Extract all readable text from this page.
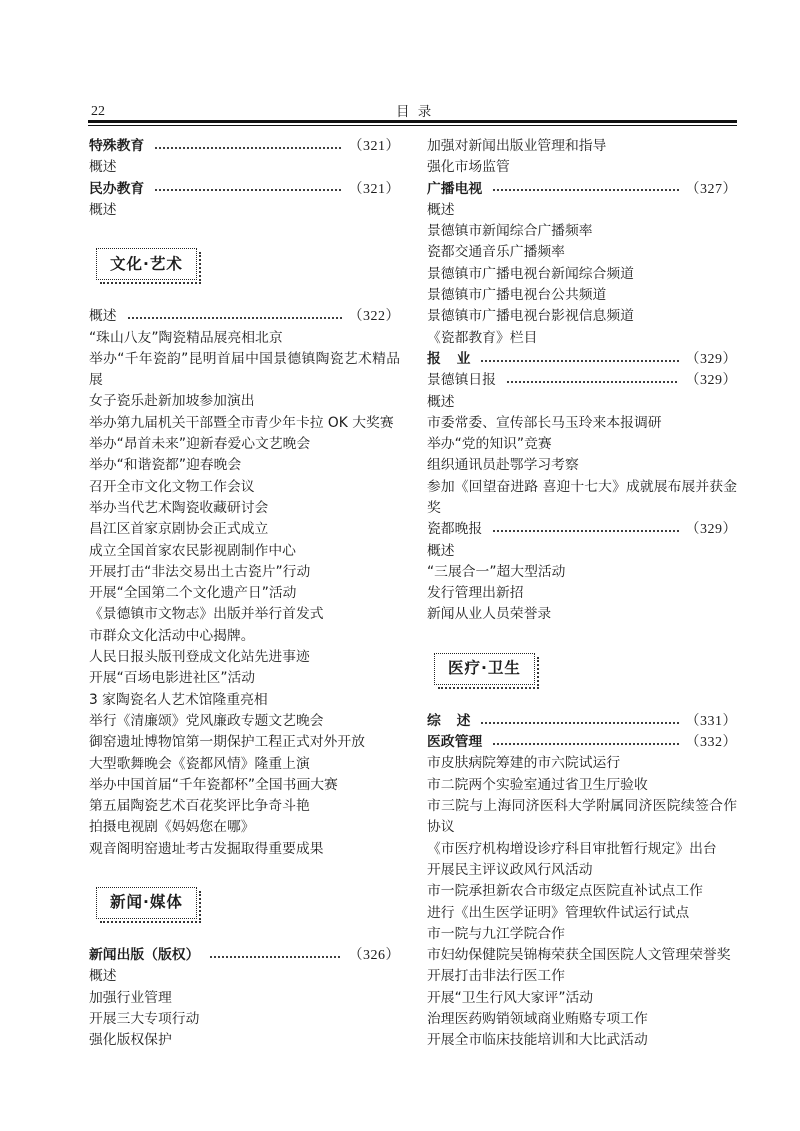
22	目 录
特殊教育	（321）
概述
民办教育	（321）
概述
文化·艺术
概述	（322）
“珠山八友”陶瓷精品展亮相北京
举办“千年瓷韵”昆明首届中国景德镇陶瓷艺术精品展
女子瓷乐赴新加坡参加演出
举办第九届机关干部暨全市青少年卡拉 OK 大奖赛
举办“昂首未来”迎新春爱心文艺晚会
举办“和谐瓷都”迎春晚会
召开全市文化文物工作会议
举办当代艺术陶瓷收藏研讨会
昌江区首家京剧协会正式成立
成立全国首家农民影视剧制作中心
开展打击“非法交易出土古瓷片”行动
开展“全国第二个文化遗产日”活动
《景德镇市文物志》出版并举行首发式
市群众文化活动中心揭牌。
人民日报头版刊登成文化站先进事迹
开展“百场电影进社区”活动
3 家陶瓷名人艺术馆隆重亮相
举行《清廉颂》党风廉政专题文艺晚会
御窑遗址博物馆第一期保护工程正式对外开放
大型歌舞晚会《瓷都风情》隆重上演
举办中国首届“千年瓷都杯”全国书画大赛
第五届陶瓷艺术百花奖评比争奇斗艳
拍摄电视剧《妈妈您在哪》
观音阁明窑遗址考古发掘取得重要成果
新闻·媒体
新闻出版（版权）	（326）
概述
加强行业管理
开展三大专项行动
强化版权保护
加强对新闻出版业管理和指导
强化市场监管
广播电视	（327）
概述
景德镇市新闻综合广播频率
瓷都交通音乐广播频率
景德镇市广播电视台新闻综合频道
景德镇市广播电视台公共频道
景德镇市广播电视台影视信息频道
《瓷都教育》栏目
报 业	（329）
景德镇日报	（329）
概述
市委常委、宣传部长马玉玲来本报调研
举办“党的知识”竞赛
组织通讯员赴鄂学习考察
参加《回望奋进路 喜迎十七大》成就展布展并获金奖
瓷都晚报	（329）
概述
“三展合一”超大型活动
发行管理出新招
新闻从业人员荣誉录
医疗·卫生
综 述	（331）
医政管理	（332）
市皮肤病院筹建的市六院试运行
市二院两个实验室通过省卫生厅验收
市三院与上海同济医科大学附属同济医院续签合作协议
《市医疗机构增设诊疗科目审批暂行规定》出台
开展民主评议政风行风活动
市一院承担新农合市级定点医院直补试点工作
进行《出生医学证明》管理软件试运行试点
市一院与九江学院合作
市妇幼保健院吴锦梅荣获全国医院人文管理荣誉奖
开展打击非法行医工作
开展“卫生行风大家评”活动
治理医药购销领域商业贿赂专项工作
开展全市临床技能培训和大比武活动
